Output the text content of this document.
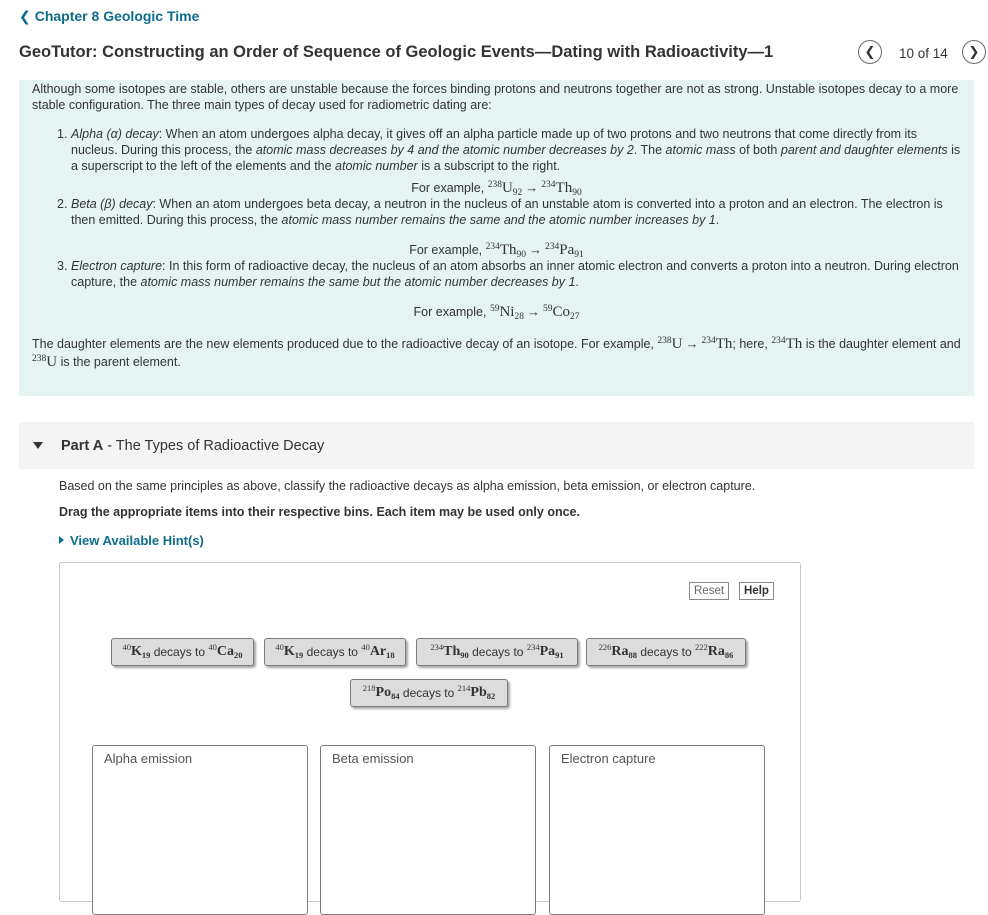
❮ Chapter 8 Geologic Time
GeoTutor: Constructing an Order of Sequence of Geologic Events—Dating with Radioactivity—1	❮ 10 of 14 ❯

Although some isotopes are stable, others are unstable because the forces binding protons and neutrons together are not as strong. Unstable isotopes decay to a more stable configuration. The three main types of decay used for radiometric dating are:

1. Alpha (α) decay: When an atom undergoes alpha decay, it gives off an alpha particle made up of two protons and two neutrons that come directly from its nucleus. During this process, the atomic mass decreases by 4 and the atomic number decreases by 2. The atomic mass of both parent and daughter elements is a superscript to the left of the elements and the atomic number is a subscript to the right.

For example, $^{238}U_{92} \to ^{234}Th_{90}$

2. Beta (β) decay: When an atom undergoes beta decay, a neutron in the nucleus of an unstable atom is converted into a proton and an electron. The electron is then emitted. During this process, the atomic mass number remains the same and the atomic number increases by 1.

For example, $^{234}Th_{90} \to ^{234}Pa_{91}$

3. Electron capture: In this form of radioactive decay, the nucleus of an atom absorbs an inner atomic electron and converts a proton into a neutron. During electron capture, the atomic mass number remains the same but the atomic number decreases by 1.

For example, $^{59}Ni_{28} \to ^{59}Co_{27}$

The daughter elements are the new elements produced due to the radioactive decay of an isotope. For example, $^{238}$U → $^{234}$Th; here, $^{234}$Th is the daughter element and $^{238}$U is the parent element.

Part A - The Types of Radioactive Decay
Based on the same principles as above, classify the radioactive decays as alpha emission, beta emission, or electron capture.
Drag the appropriate items into their respective bins. Each item may be used only once.
View Available Hint(s)
Reset	Help
$^{40}K_{19}$
decays to
$^{40}Ca_{20}$
$^{40}K_{19}$
decays to
$^{40}Ar_{18}$
$^{234}Th_{90}$
decays to
$^{234}Pa_{91}$
$^{226}Ra_{88}$
decays to
$^{222}Ra_{86}$
$^{218}Po_{84}$
decays to
$^{214}Pb_{82}$
Alpha emission	Beta emission	Electron capture
